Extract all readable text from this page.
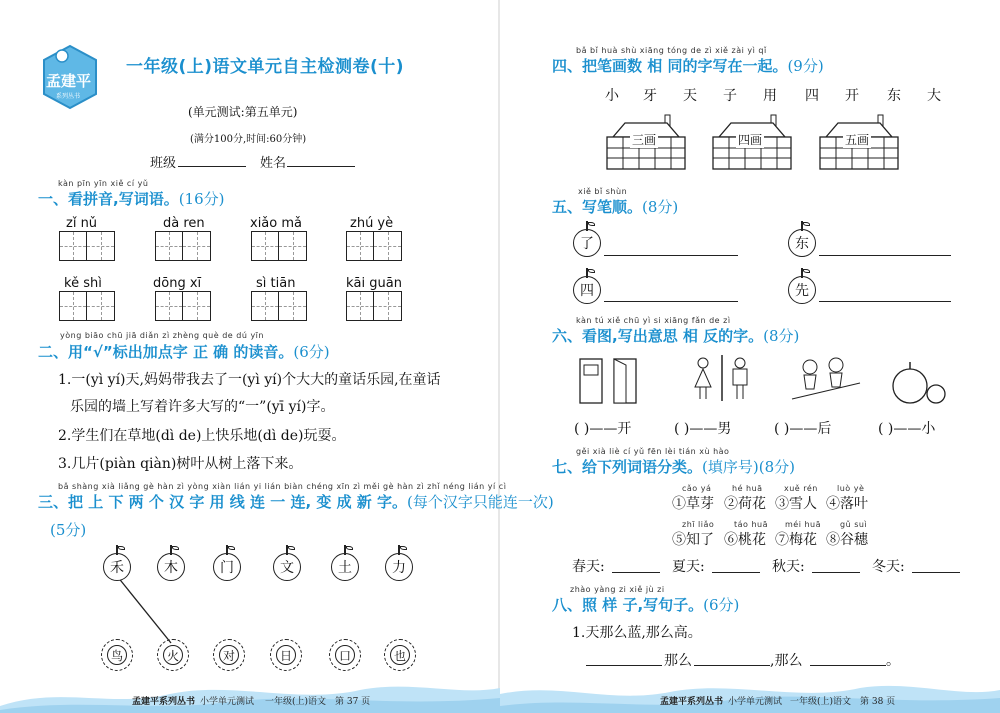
孟建平
系列丛书
一年级(上)语文单元自主检测卷(十)
(单元测试:第五单元)
(满分100分,时间:60分钟)
班级	姓名
kàn pīn yīn xiě cí yǔ
一、看拼音,写词语。(16分)
zǐ nǔ	dà ren	xiǎo mǎ	zhú yè
kě shì	dōng xī	sì tiān	kāi guān
yòng biāo chū jiā diǎn zì zhèng què de dú yīn
二、用“√”标出加点字 正 确 的读音。(6分)
1.一(yì yí)天,妈妈带我去了一(yì yí)个大大的童话乐园,在童话
乐园的墙上写着许多大写的“一”(yī yí)字。
2.学生们在草地(dì de)上快乐地(dì de)玩耍。
3.几片(piàn qiàn)树叶从树上落下来。
bǎ shàng xià liǎng gè hàn zì yòng xiàn lián yi lián biàn chéng xīn zì měi gè hàn zì zhǐ néng lián yí cì
三、把 上 下 两 个 汉 字 用 线 连 一 连, 变 成 新 字。(每个汉字只能连一次)
(5分)
禾	木	门	文	土	力
鸟	火	对	日	口	也
孟建平系列丛书 小学单元测试 一年级(上)语文 第 37 页
bǎ bǐ huà shù xiāng tóng de zì xiě zài yì qǐ
四、把笔画数 相 同的字写在一起。(9分)
小 牙 天 子 用 四 开 东 大
三画	四画	五画
xiě bǐ shùn
五、写笔顺。(8分)
了	东
四	先
kàn tú xiě chū yì si xiāng fǎn de zì
六、看图,写出意思 相 反的字。(8分)
( )——开	( )——男	( )——后	( )——小
gěi xià liè cí yǔ fēn lèi tián xù hào
七、给下列词语分类。(填序号)(8分)
cǎo yá
①草芽
hé huā
②荷花
xuě rén
③雪人
luò yè
④落叶
zhī liǎo
⑤知了
táo huā
⑥桃花
méi huā
⑦梅花
gǔ suì
⑧谷穗
春天:	夏天:	秋天:	冬天:
zhào yàng zi xiě jù zi
八、照 样 子,写句子。(6分)
1.天那么蓝,那么高。
那么	,那么	。
孟建平系列丛书 小学单元测试 一年级(上)语文 第 38 页
